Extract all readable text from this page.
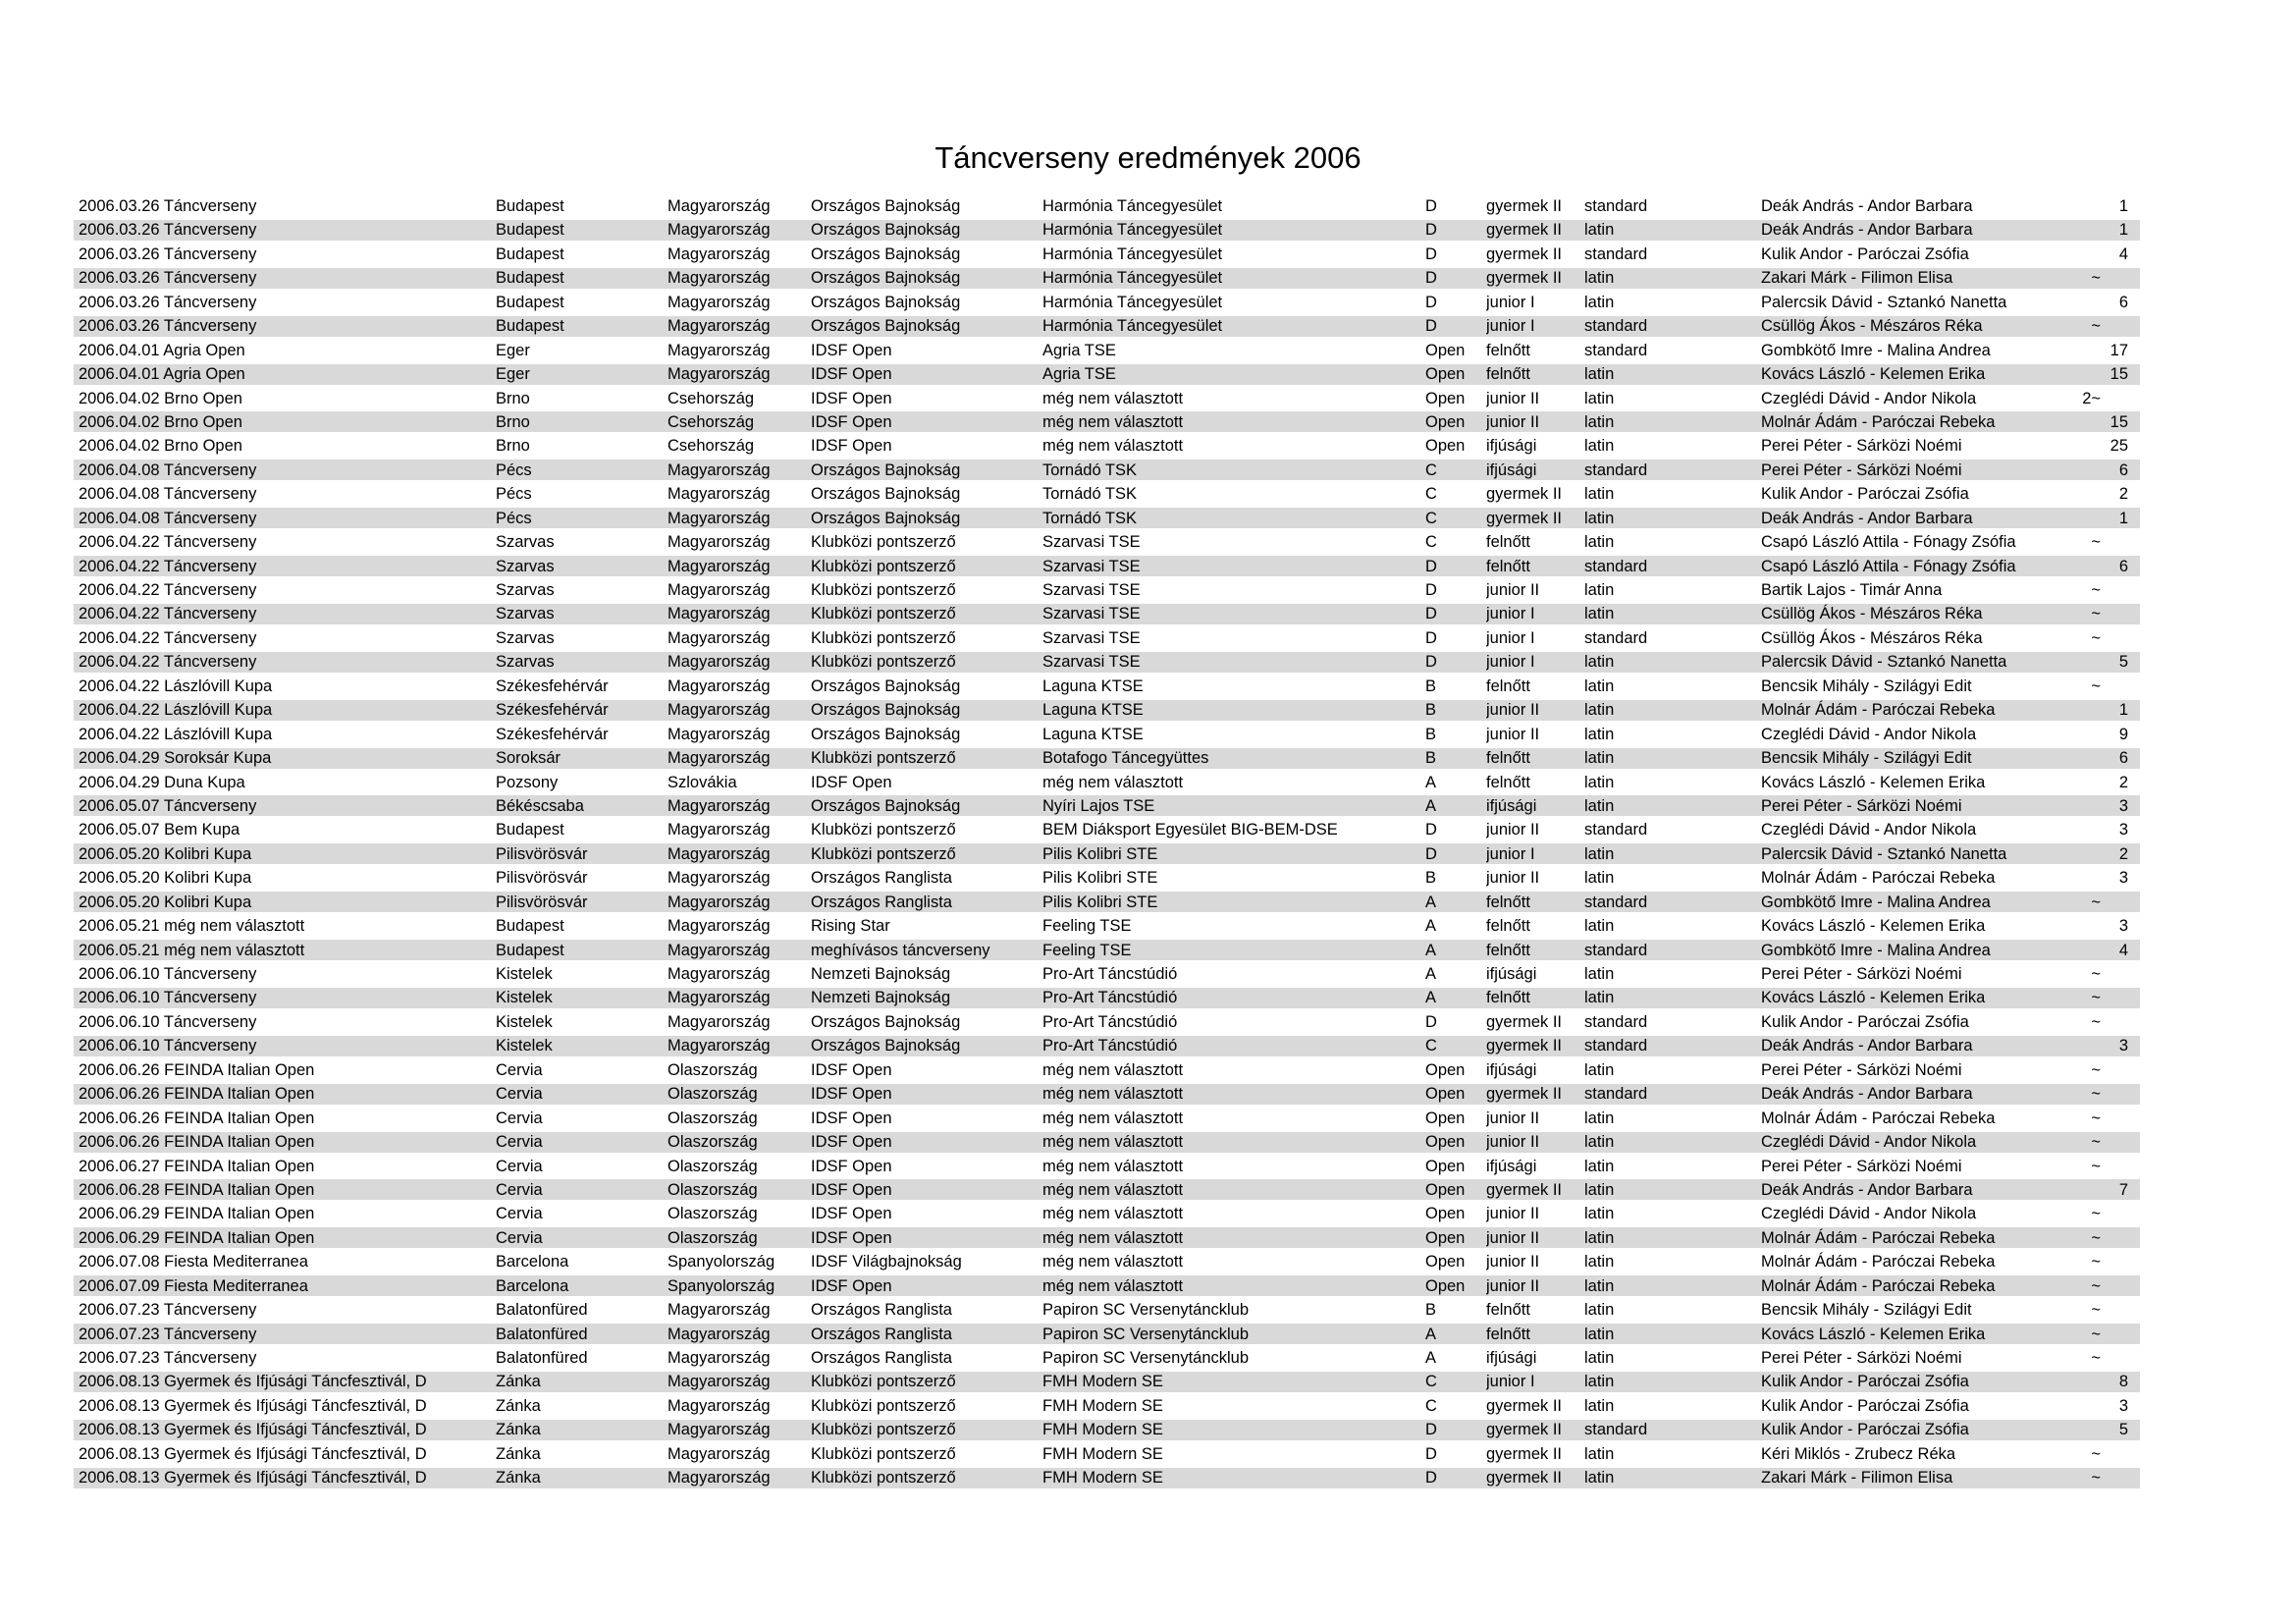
Táncverseny eredmények 2006
2006.03.26 Táncverseny	Budapest	Magyarország	Országos Bajnokság	Harmónia Táncegyesület	D	gyermek II	standard	Deák András - Andor Barbara	1
2006.03.26 Táncverseny	Budapest	Magyarország	Országos Bajnokság	Harmónia Táncegyesület	D	gyermek II	latin	Deák András - Andor Barbara	1
2006.03.26 Táncverseny	Budapest	Magyarország	Országos Bajnokság	Harmónia Táncegyesület	D	gyermek II	standard	Kulik Andor - Paróczai Zsófia	4
2006.03.26 Táncverseny	Budapest	Magyarország	Országos Bajnokság	Harmónia Táncegyesület	D	gyermek II	latin	Zakari Márk - Filimon Elisa	~
2006.03.26 Táncverseny	Budapest	Magyarország	Országos Bajnokság	Harmónia Táncegyesület	D	junior I	latin	Palercsik Dávid - Sztankó Nanetta	6
2006.03.26 Táncverseny	Budapest	Magyarország	Országos Bajnokság	Harmónia Táncegyesület	D	junior I	standard	Csüllög Ákos - Mészáros Réka	~
2006.04.01 Agria Open	Eger	Magyarország	IDSF Open	Agria TSE	Open	felnőtt	standard	Gombkötő Imre - Malina Andrea	17
2006.04.01 Agria Open	Eger	Magyarország	IDSF Open	Agria TSE	Open	felnőtt	latin	Kovács László - Kelemen Erika	15
2006.04.02 Brno Open	Brno	Csehország	IDSF Open	még nem választott	Open	junior II	latin	Czeglédi Dávid - Andor Nikola	2~
2006.04.02 Brno Open	Brno	Csehország	IDSF Open	még nem választott	Open	junior II	latin	Molnár Ádám - Paróczai Rebeka	15
2006.04.02 Brno Open	Brno	Csehország	IDSF Open	még nem választott	Open	ifjúsági	latin	Perei Péter - Sárközi Noémi	25
2006.04.08 Táncverseny	Pécs	Magyarország	Országos Bajnokság	Tornádó TSK	C	ifjúsági	standard	Perei Péter - Sárközi Noémi	6
2006.04.08 Táncverseny	Pécs	Magyarország	Országos Bajnokság	Tornádó TSK	C	gyermek II	latin	Kulik Andor - Paróczai Zsófia	2
2006.04.08 Táncverseny	Pécs	Magyarország	Országos Bajnokság	Tornádó TSK	C	gyermek II	latin	Deák András - Andor Barbara	1
2006.04.22 Táncverseny	Szarvas	Magyarország	Klubközi pontszerző	Szarvasi TSE	C	felnőtt	latin	Csapó László Attila - Fónagy Zsófia	~
2006.04.22 Táncverseny	Szarvas	Magyarország	Klubközi pontszerző	Szarvasi TSE	D	felnőtt	standard	Csapó László Attila - Fónagy Zsófia	6
2006.04.22 Táncverseny	Szarvas	Magyarország	Klubközi pontszerző	Szarvasi TSE	D	junior II	latin	Bartik Lajos - Timár Anna	~
2006.04.22 Táncverseny	Szarvas	Magyarország	Klubközi pontszerző	Szarvasi TSE	D	junior I	latin	Csüllög Ákos - Mészáros Réka	~
2006.04.22 Táncverseny	Szarvas	Magyarország	Klubközi pontszerző	Szarvasi TSE	D	junior I	standard	Csüllög Ákos - Mészáros Réka	~
2006.04.22 Táncverseny	Szarvas	Magyarország	Klubközi pontszerző	Szarvasi TSE	D	junior I	latin	Palercsik Dávid - Sztankó Nanetta	5
2006.04.22 Lászlóvill Kupa	Székesfehérvár	Magyarország	Országos Bajnokság	Laguna KTSE	B	felnőtt	latin	Bencsik Mihály - Szilágyi Edit	~
2006.04.22 Lászlóvill Kupa	Székesfehérvár	Magyarország	Országos Bajnokság	Laguna KTSE	B	junior II	latin	Molnár Ádám - Paróczai Rebeka	1
2006.04.22 Lászlóvill Kupa	Székesfehérvár	Magyarország	Országos Bajnokság	Laguna KTSE	B	junior II	latin	Czeglédi Dávid - Andor Nikola	9
2006.04.29 Soroksár Kupa	Soroksár	Magyarország	Klubközi pontszerző	Botafogo Táncegyüttes	B	felnőtt	latin	Bencsik Mihály - Szilágyi Edit	6
2006.04.29 Duna Kupa	Pozsony	Szlovákia	IDSF Open	még nem választott	A	felnőtt	latin	Kovács László - Kelemen Erika	2
2006.05.07 Táncverseny	Békéscsaba	Magyarország	Országos Bajnokság	Nyíri Lajos TSE	A	ifjúsági	latin	Perei Péter - Sárközi Noémi	3
2006.05.07 Bem Kupa	Budapest	Magyarország	Klubközi pontszerző	BEM Diáksport Egyesület BIG-BEM-DSE	D	junior II	standard	Czeglédi Dávid - Andor Nikola	3
2006.05.20 Kolibri Kupa	Pilisvörösvár	Magyarország	Klubközi pontszerző	Pilis Kolibri STE	D	junior I	latin	Palercsik Dávid - Sztankó Nanetta	2
2006.05.20 Kolibri Kupa	Pilisvörösvár	Magyarország	Országos Ranglista	Pilis Kolibri STE	B	junior II	latin	Molnár Ádám - Paróczai Rebeka	3
2006.05.20 Kolibri Kupa	Pilisvörösvár	Magyarország	Országos Ranglista	Pilis Kolibri STE	A	felnőtt	standard	Gombkötő Imre - Malina Andrea	~
2006.05.21 még nem választott	Budapest	Magyarország	Rising Star	Feeling TSE	A	felnőtt	latin	Kovács László - Kelemen Erika	3
2006.05.21 még nem választott	Budapest	Magyarország	meghívásos táncverseny	Feeling TSE	A	felnőtt	standard	Gombkötő Imre - Malina Andrea	4
2006.06.10 Táncverseny	Kistelek	Magyarország	Nemzeti Bajnokság	Pro-Art Táncstúdió	A	ifjúsági	latin	Perei Péter - Sárközi Noémi	~
2006.06.10 Táncverseny	Kistelek	Magyarország	Nemzeti Bajnokság	Pro-Art Táncstúdió	A	felnőtt	latin	Kovács László - Kelemen Erika	~
2006.06.10 Táncverseny	Kistelek	Magyarország	Országos Bajnokság	Pro-Art Táncstúdió	D	gyermek II	standard	Kulik Andor - Paróczai Zsófia	~
2006.06.10 Táncverseny	Kistelek	Magyarország	Országos Bajnokság	Pro-Art Táncstúdió	C	gyermek II	standard	Deák András - Andor Barbara	3
2006.06.26 FEINDA Italian Open	Cervia	Olaszország	IDSF Open	még nem választott	Open	ifjúsági	latin	Perei Péter - Sárközi Noémi	~
2006.06.26 FEINDA Italian Open	Cervia	Olaszország	IDSF Open	még nem választott	Open	gyermek II	standard	Deák András - Andor Barbara	~
2006.06.26 FEINDA Italian Open	Cervia	Olaszország	IDSF Open	még nem választott	Open	junior II	latin	Molnár Ádám - Paróczai Rebeka	~
2006.06.26 FEINDA Italian Open	Cervia	Olaszország	IDSF Open	még nem választott	Open	junior II	latin	Czeglédi Dávid - Andor Nikola	~
2006.06.27 FEINDA Italian Open	Cervia	Olaszország	IDSF Open	még nem választott	Open	ifjúsági	latin	Perei Péter - Sárközi Noémi	~
2006.06.28 FEINDA Italian Open	Cervia	Olaszország	IDSF Open	még nem választott	Open	gyermek II	latin	Deák András - Andor Barbara	7
2006.06.29 FEINDA Italian Open	Cervia	Olaszország	IDSF Open	még nem választott	Open	junior II	latin	Czeglédi Dávid - Andor Nikola	~
2006.06.29 FEINDA Italian Open	Cervia	Olaszország	IDSF Open	még nem választott	Open	junior II	latin	Molnár Ádám - Paróczai Rebeka	~
2006.07.08 Fiesta Mediterranea	Barcelona	Spanyolország	IDSF Világbajnokság	még nem választott	Open	junior II	latin	Molnár Ádám - Paróczai Rebeka	~
2006.07.09 Fiesta Mediterranea	Barcelona	Spanyolország	IDSF Open	még nem választott	Open	junior II	latin	Molnár Ádám - Paróczai Rebeka	~
2006.07.23 Táncverseny	Balatonfüred	Magyarország	Országos Ranglista	Papiron SC Versenytáncklub	B	felnőtt	latin	Bencsik Mihály - Szilágyi Edit	~
2006.07.23 Táncverseny	Balatonfüred	Magyarország	Országos Ranglista	Papiron SC Versenytáncklub	A	felnőtt	latin	Kovács László - Kelemen Erika	~
2006.07.23 Táncverseny	Balatonfüred	Magyarország	Országos Ranglista	Papiron SC Versenytáncklub	A	ifjúsági	latin	Perei Péter - Sárközi Noémi	~
2006.08.13 Gyermek és Ifjúsági Táncfesztivál, D	Zánka	Magyarország	Klubközi pontszerző	FMH Modern SE	C	junior I	latin	Kulik Andor - Paróczai Zsófia	8
2006.08.13 Gyermek és Ifjúsági Táncfesztivál, D	Zánka	Magyarország	Klubközi pontszerző	FMH Modern SE	C	gyermek II	latin	Kulik Andor - Paróczai Zsófia	3
2006.08.13 Gyermek és Ifjúsági Táncfesztivál, D	Zánka	Magyarország	Klubközi pontszerző	FMH Modern SE	D	gyermek II	standard	Kulik Andor - Paróczai Zsófia	5
2006.08.13 Gyermek és Ifjúsági Táncfesztivál, D	Zánka	Magyarország	Klubközi pontszerző	FMH Modern SE	D	gyermek II	latin	Kéri Miklós - Zrubecz Réka	~
2006.08.13 Gyermek és Ifjúsági Táncfesztivál, D	Zánka	Magyarország	Klubközi pontszerző	FMH Modern SE	D	gyermek II	latin	Zakari Márk - Filimon Elisa	~
